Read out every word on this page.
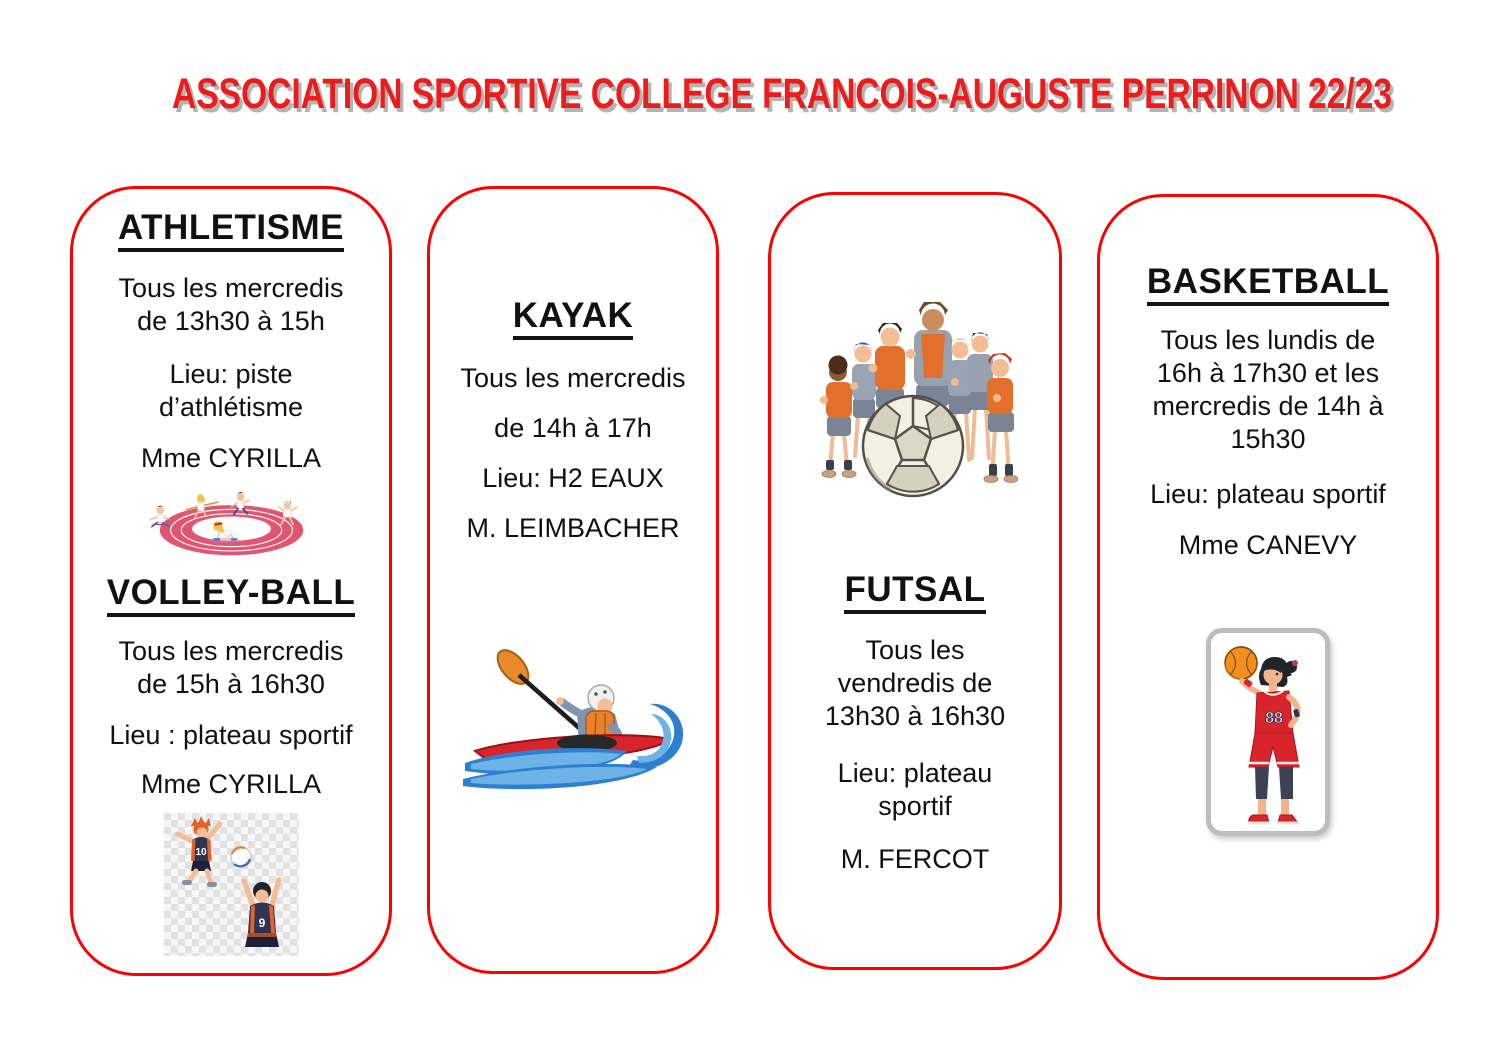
ASSOCIATION SPORTIVE COLLEGE FRANCOIS-AUGUSTE PERRINON 22/23
ATHLETISME

Tous les mercredis
de 13h30 à 15h

Lieu: piste
d’athlétisme

Mme CYRILLA

VOLLEY-BALL

Tous les mercredis
de 15h à 16h30

Lieu : plateau sportif

Mme CYRILLA

10
9
KAYAK

Tous les mercredis

de 14h à 17h

Lieu: H2 EAUX

M. LEIMBACHER

FUTSAL

Tous les
vendredis de
13h30 à 16h30

Lieu: plateau
sportif

M. FERCOT

BASKETBALL

Tous les lundis de
16h à 17h30 et les
mercredis de 14h à
15h30

Lieu: plateau sportif

Mme CANEVY

88
